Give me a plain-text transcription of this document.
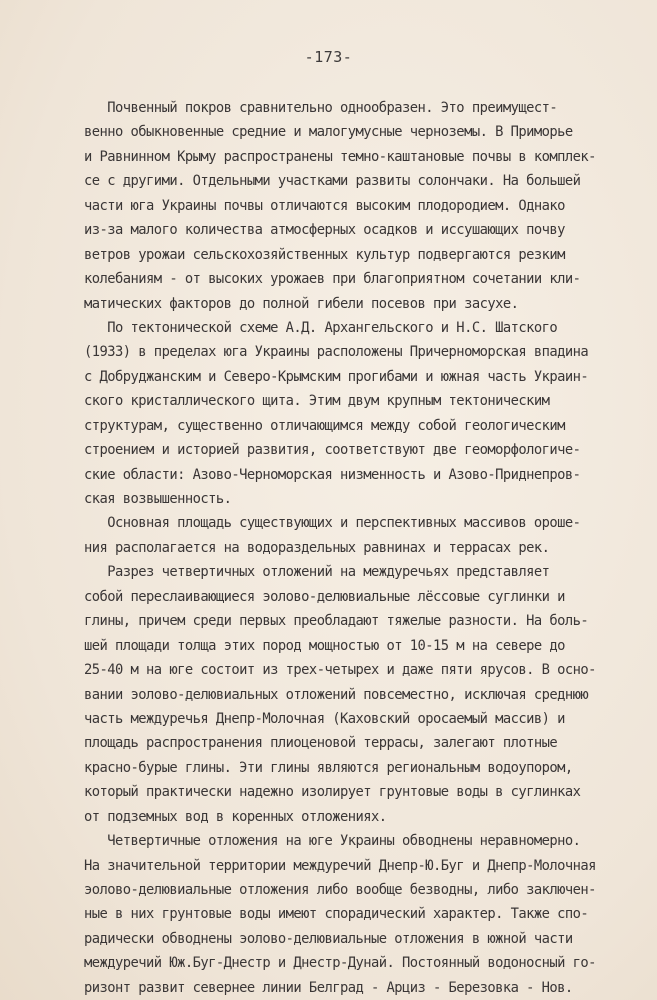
-173-
Почвенный покров сравнительно однообразен. Это преимущест-
венно обыкновенные средние и малогумусные черноземы. В Приморье
и Равнинном Крыму распространены темно-каштановые почвы в комплек-
се с другими. Отдельными участками развиты солончаки. На большей
части юга Украины почвы отличаются высоким плодородием. Однако
из-за малого количества атмосферных осадков и иссушающих почву
ветров урожаи сельскохозяйственных культур подвергаются резким
колебаниям - от высоких урожаев при благоприятном сочетании кли-
матических факторов до полной гибели посевов при засухе.
По тектонической схеме А.Д. Архангельского и Н.С. Шатского
(1933) в пределах юга Украины расположены Причерноморская впадина
с Добруджанским и Северо-Крымским прогибами и южная часть Украин-
ского кристаллического щита. Этим двум крупным тектоническим
структурам, существенно отличающимся между собой геологическим
строением и историей развития, соответствуют две геоморфологиче-
ские области: Азово-Черноморская низменность и Азово-Приднепров-
ская возвышенность.
Основная площадь существующих и перспективных массивов ороше-
ния располагается на водораздельных равнинах и террасах рек.
Разрез четвертичных отложений на междуречьях представляет
собой переслаивающиеся эолово-делювиальные лёссовые суглинки и
глины, причем среди первых преобладают тяжелые разности. На боль-
шей площади толща этих пород мощностью от 10-15 м на севере до
25-40 м на юге состоит из трех-четырех и даже пяти ярусов. В осно-
вании эолово-делювиальных отложений повсеместно, исключая среднюю
часть междуречья Днепр-Молочная (Каховский оросаемый массив) и
площадь распространения плиоценовой террасы, залегают плотные
красно-бурые глины. Эти глины являются региональным водоупором,
который практически надежно изолирует грунтовые воды в суглинках
от подземных вод в коренных отложениях.
Четвертичные отложения на юге Украины обводнены неравномерно.
На значительной территории междуречий Днепр-Ю.Буг и Днепр-Молочная
эолово-делювиальные отложения либо вообще безводны, либо заключен-
ные в них грунтовые воды имеют спорадический характер. Также спо-
радически обводнены эолово-делювиальные отложения в южной части
междуречий Юж.Буг-Днестр и Днестр-Дунай. Постоянный водоносный го-
ризонт развит севернее линии Белград - Арциз - Березовка - Нов.
